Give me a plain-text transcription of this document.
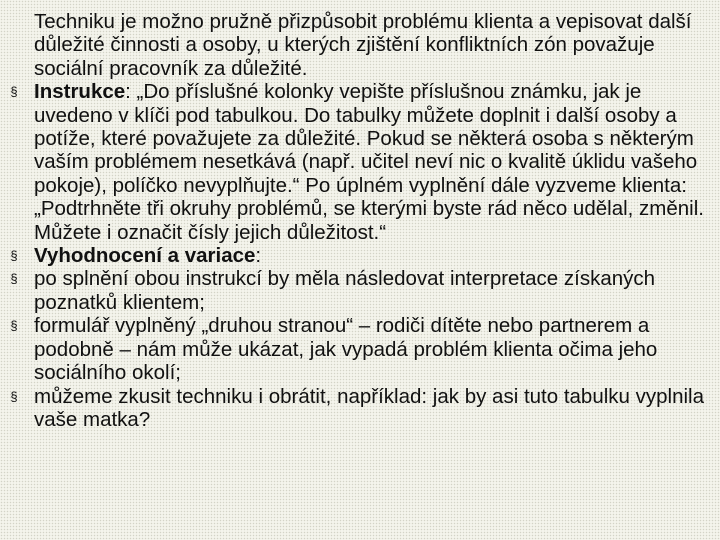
Techniku je možno pružně přizpůsobit problému klienta a vepisovat další důležité činnosti a osoby, u kterých zjištění konfliktních zón považuje sociální pracovník za důležité.

§ Instrukce: „Do příslušné kolonky vepište příslušnou známku, jak je uvedeno v klíči pod tabulkou. Do tabulky můžete doplnit i další osoby a potíže, které považujete za důležité. Pokud se některá osoba s některým vaším problémem nesetkává (např. učitel neví nic o kvalitě úklidu vašeho pokoje), políčko nevyplňujte.“ Po úplném vyplnění dále vyzveme klienta: „Podtrhněte tři okruhy problémů, se kterými byste rád něco udělal, změnil. Můžete i označit čísly jejich důležitost.“

§ Vyhodnocení a variace:

§ po splnění obou instrukcí by měla následovat interpretace získaných poznatků klientem;

§ formulář vyplněný „druhou stranou“ – rodiči dítěte nebo partnerem a podobně – nám může ukázat, jak vypadá problém klienta očima jeho sociálního okolí;

§ můžeme zkusit techniku i obrátit, například: jak by asi tuto tabulku vyplnila vaše matka?
